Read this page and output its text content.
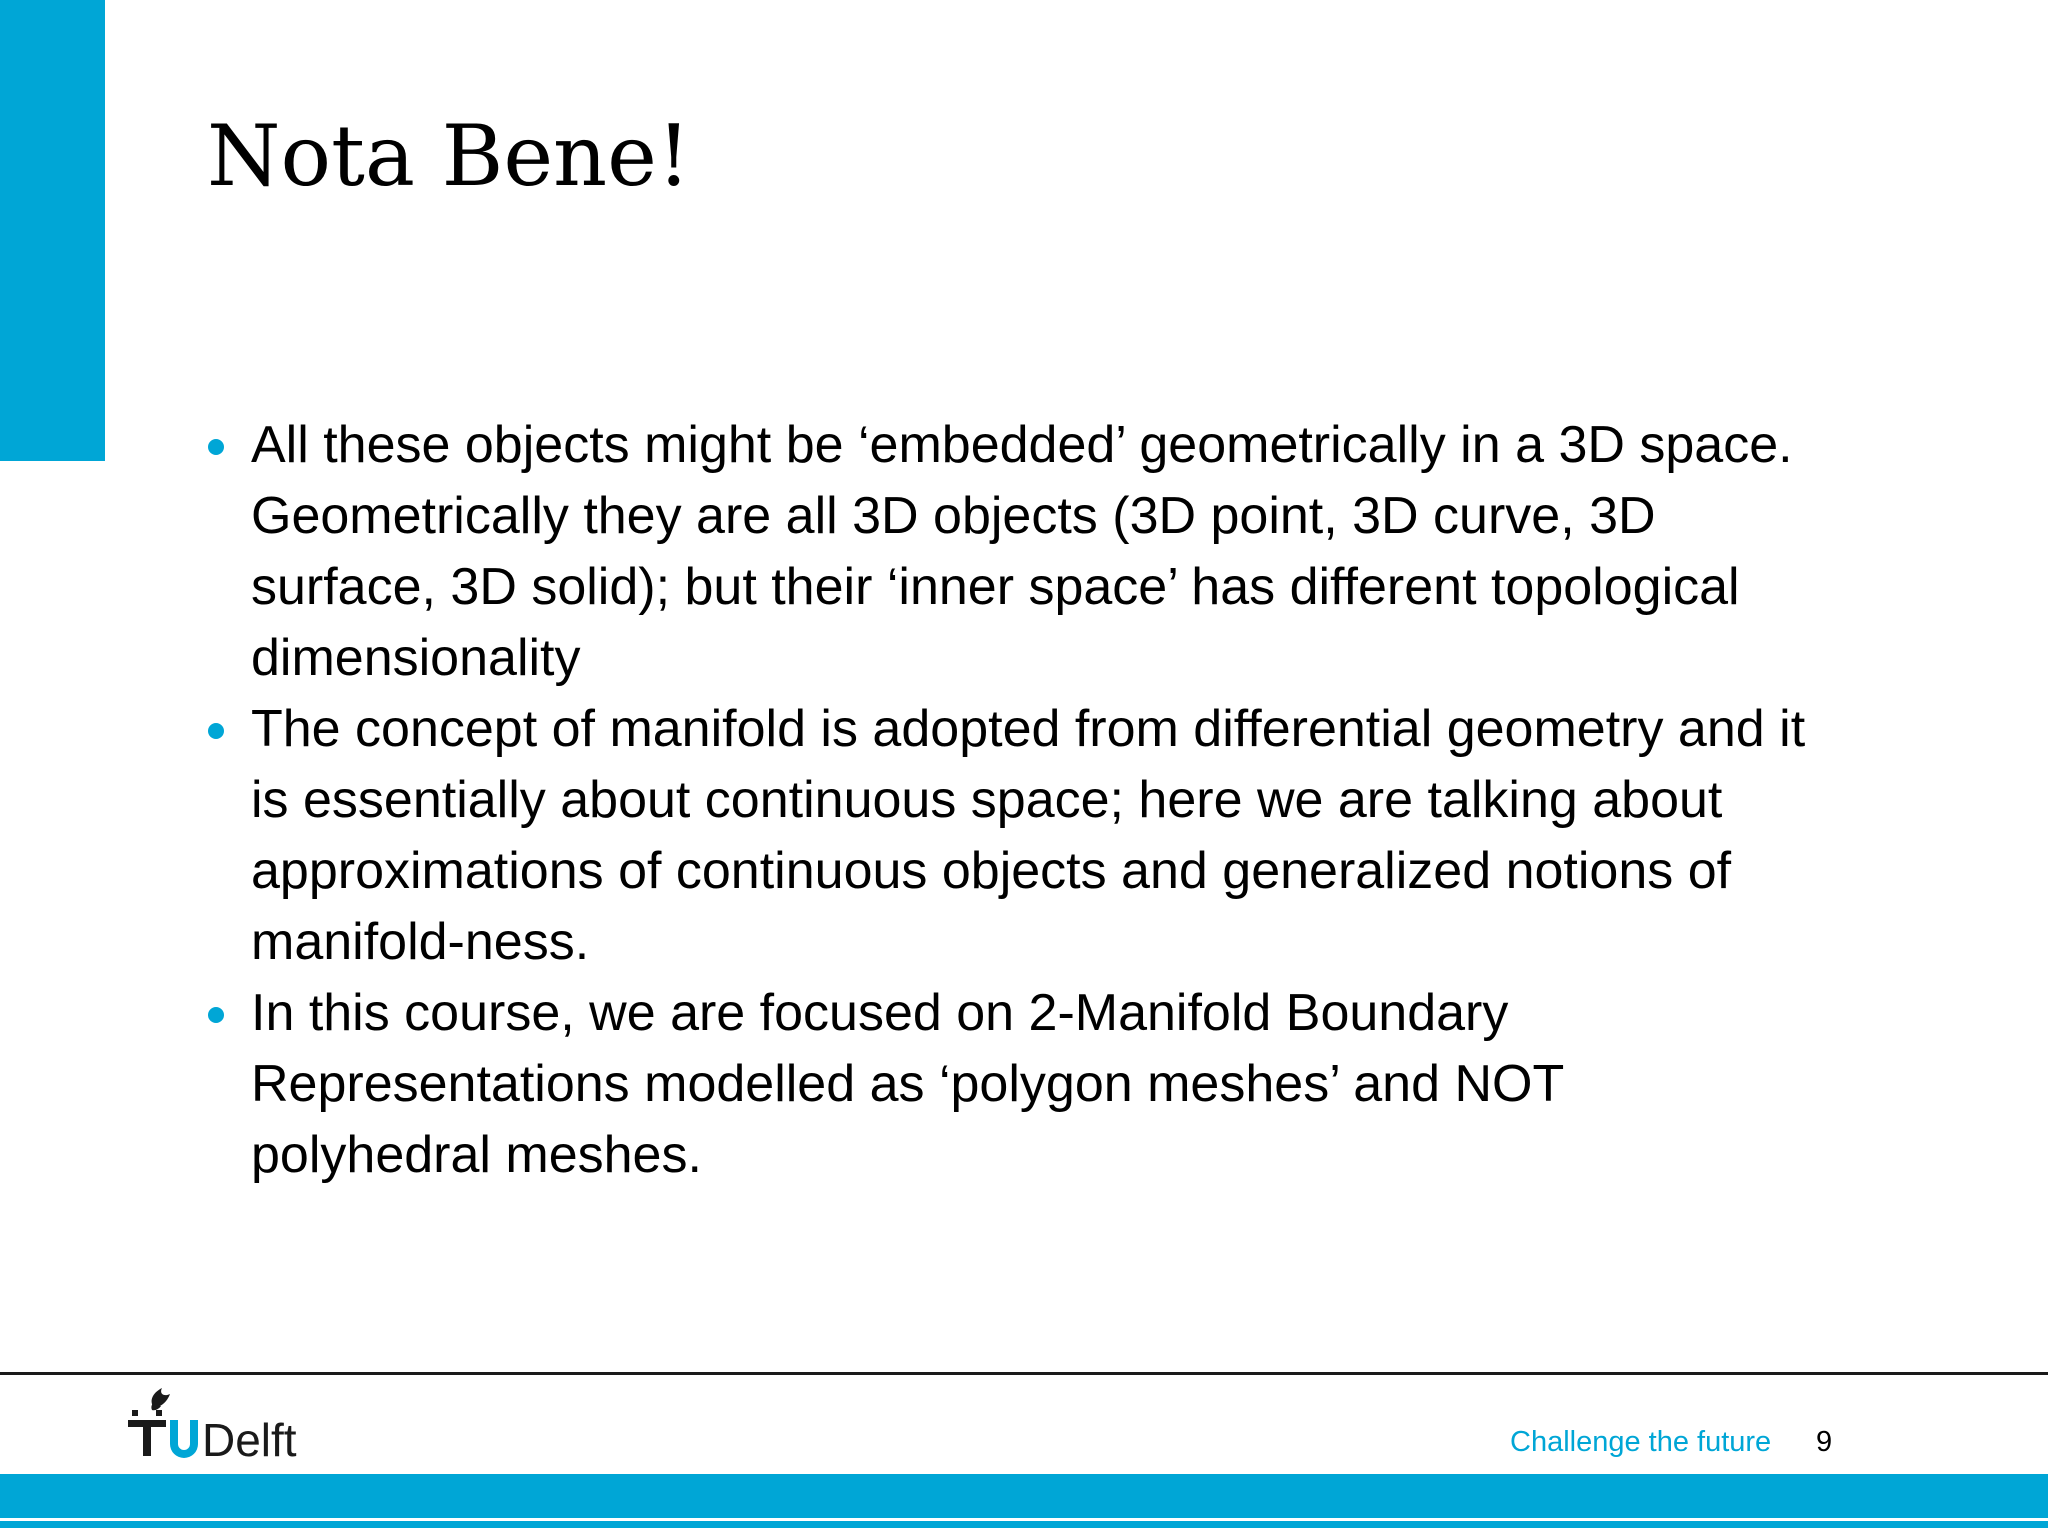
Nota Bene!
All these objects might be ‘embedded’ geometrically in a 3D space. Geometrically they are all 3D objects (3D point, 3D curve, 3D surface, 3D solid); but their ‘inner space’ has different topological dimensionality
The concept of manifold is adopted from differential geometry and it is essentially about continuous space; here we are talking about approximations of continuous objects and generalized notions of manifold-ness.
In this course, we are focused on 2-Manifold Boundary Representations modelled as ‘polygon meshes’ and NOT polyhedral meshes.
Delft	Challenge the future 9
